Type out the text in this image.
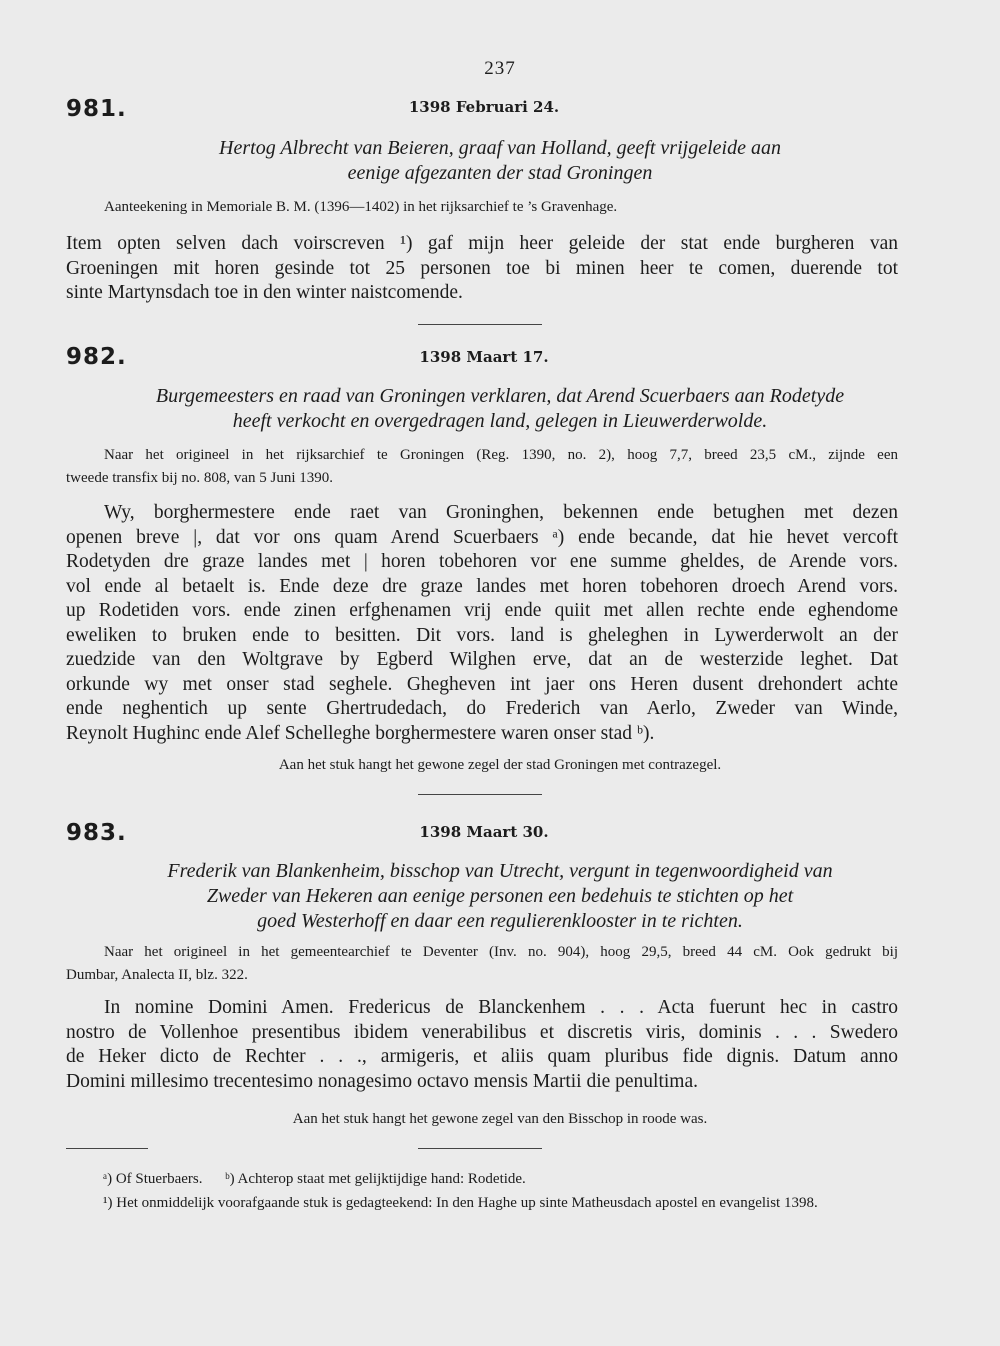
237
981.	1398 Februari 24.
Hertog Albrecht van Beieren, graaf van Holland, geeft vrijgeleide aan
eenige afgezanten der stad Groningen
Aanteekening in Memoriale B. M. (1396—1402) in het rijksarchief te ’s Gravenhage.
Item opten selven dach voirscreven ¹) gaf mijn heer geleide der stat ende burgheren van
Groeningen mit horen gesinde tot 25 personen toe bi minen heer te comen, duerende tot
sinte Martynsdach toe in den winter naistcomende.
982.	1398 Maart 17.
Burgemeesters en raad van Groningen verklaren, dat Arend Scuerbaers aan Rodetyde
heeft verkocht en overgedragen land, gelegen in Lieuwerderwolde.
Naar het origineel in het rijksarchief te Groningen (Reg. 1390, no. 2), hoog 7,7, breed 23,5 cM., zijnde een
tweede transfix bij no. 808, van 5 Juni 1390.
Wy, borghermestere ende raet van Groninghen, bekennen ende betughen met dezen
openen breve |, dat vor ons quam Arend Scuerbaers ᵃ) ende becande, dat hie hevet vercoft
Rodetyden dre graze landes met | horen tobehoren vor ene summe gheldes, de Arende vors.
vol ende al betaelt is. Ende deze dre graze landes met horen tobehoren droech Arend vors.
up Rodetiden vors. ende zinen erfghenamen vrij ende quiit met allen rechte ende eghendome
eweliken to bruken ende to besitten. Dit vors. land is gheleghen in Lywerderwolt an der
zuedzide van den Woltgrave by Egberd Wilghen erve, dat an de westerzide leghet. Dat
orkunde wy met onser stad seghele. Ghegheven int jaer ons Heren dusent drehondert achte
ende neghentich up sente Ghertrudedach, do Frederich van Aerlo, Zweder van Winde,
Reynolt Hughinc ende Alef Schelleghe borghermestere waren onser stad ᵇ).
Aan het stuk hangt het gewone zegel der stad Groningen met contrazegel.
983.	1398 Maart 30.
Frederik van Blankenheim, bisschop van Utrecht, vergunt in tegenwoordigheid van
Zweder van Hekeren aan eenige personen een bedehuis te stichten op het
goed Westerhoff en daar een regulierenklooster in te richten.
Naar het origineel in het gemeentearchief te Deventer (Inv. no. 904), hoog 29,5, breed 44 cM. Ook gedrukt bij
Dumbar, Analecta II, blz. 322.
In nomine Domini Amen. Fredericus de Blanckenhem . . . Acta fuerunt hec in castro
nostro de Vollenhoe presentibus ibidem venerabilibus et discretis viris, dominis . . . Swedero
de Heker dicto de Rechter . . ., armigeris, et aliis quam pluribus fide dignis. Datum anno
Domini millesimo trecentesimo nonagesimo octavo mensis Martii die penultima.
Aan het stuk hangt het gewone zegel van den Bisschop in roode was.
ᵃ) Of Stuerbaers.      ᵇ) Achterop staat met gelijktijdige hand: Rodetide.
¹) Het onmiddelijk voorafgaande stuk is gedagteekend: In den Haghe up sinte Matheusdach apostel en evangelist 1398.
